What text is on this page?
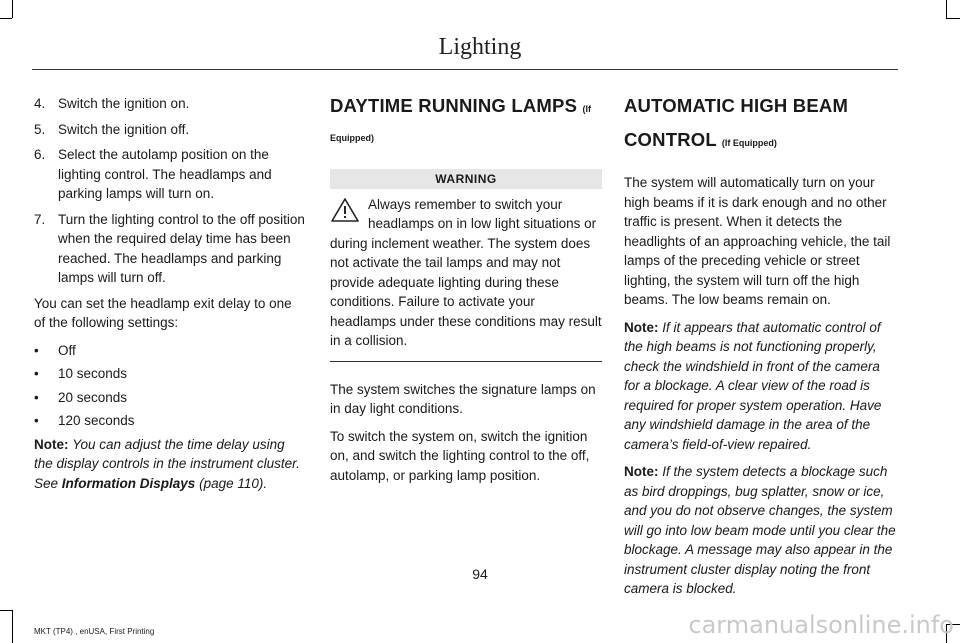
Lighting
4. Switch the ignition on.
5. Switch the ignition off.
6. Select the autolamp position on the lighting control. The headlamps and parking lamps will turn on.
7. Turn the lighting control to the off position when the required delay time has been reached. The headlamps and parking lamps will turn off.

You can set the headlamp exit delay to one of the following settings:

•	Off
•	10 seconds
•	20 seconds
•	120 seconds

Note: You can adjust the time delay using the display controls in the instrument cluster. See Information Displays (page 110).

DAYTIME RUNNING LAMPS (If
Equipped)
WARNING
Always remember to switch your headlamps on in low light situations or
during inclement weather. The system does not activate the tail lamps and may not provide adequate lighting during these conditions. Failure to activate your headlamps under these conditions may result in a collision.

The system switches the signature lamps on in day light conditions.

To switch the system on, switch the ignition on, and switch the lighting control to the off, autolamp, or parking lamp position.

AUTOMATIC HIGH BEAM
CONTROL (If Equipped)

The system will automatically turn on your high beams if it is dark enough and no other traffic is present. When it detects the headlights of an approaching vehicle, the tail lamps of the preceding vehicle or street lighting, the system will turn off the high beams. The low beams remain on.

Note: If it appears that automatic control of the high beams is not functioning properly, check the windshield in front of the camera for a blockage. A clear view of the road is required for proper system operation. Have any windshield damage in the area of the camera’s field-of-view repaired.

Note: If the system detects a blockage such as bird droppings, bug splatter, snow or ice, and you do not observe changes, the system will go into low beam mode until you clear the blockage. A message may also appear in the instrument cluster display noting the front camera is blocked.

94
MKT (TP4) , enUSA, First Printing	carmanualsonline.info
